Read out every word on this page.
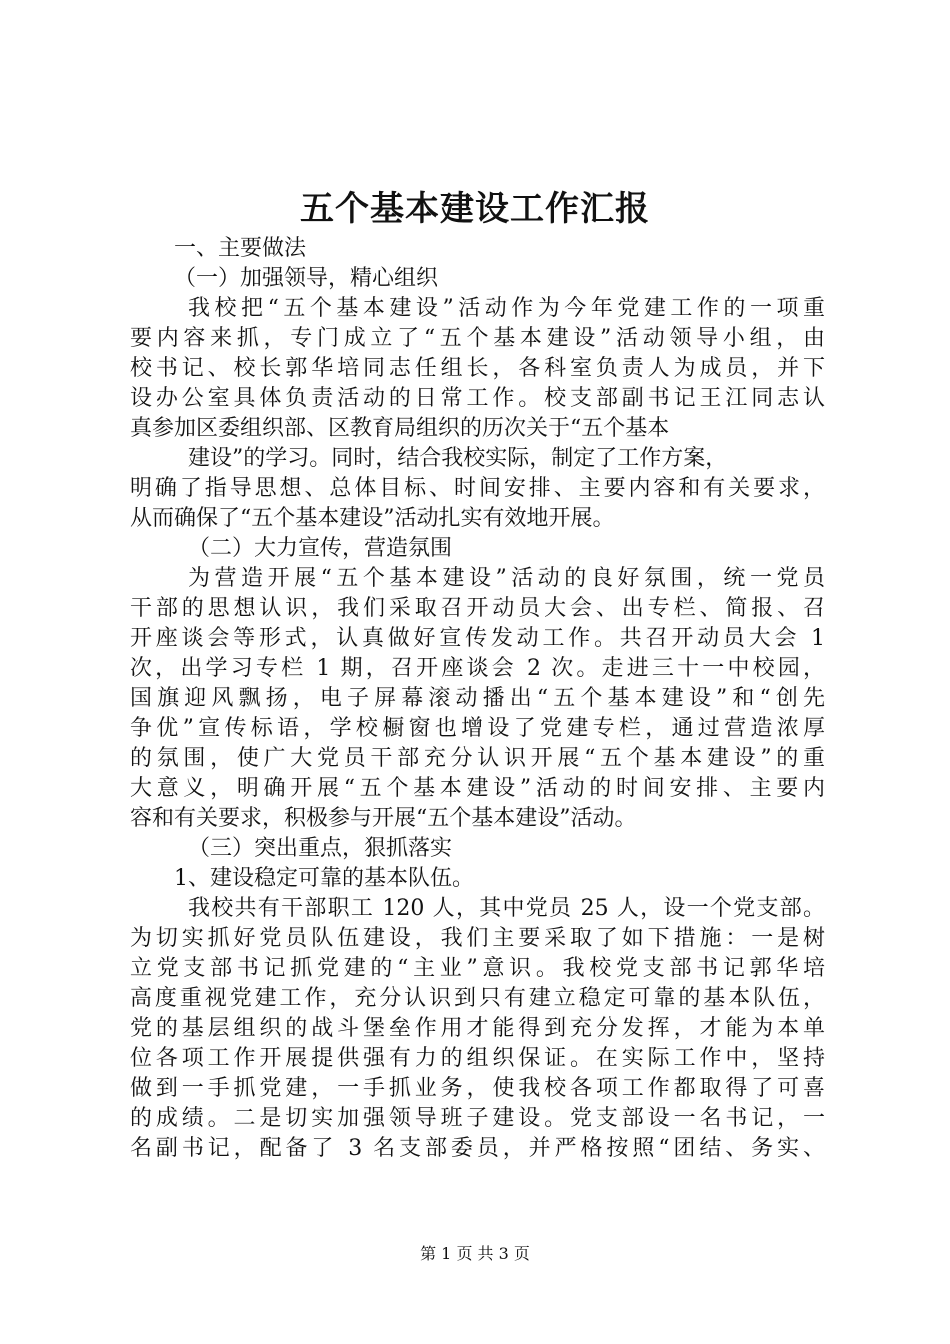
五个基本建设工作汇报

一、主要做法

（一）加强领导，精心组织

我校把“五个基本建设”活动作为今年党建工作的一项重

要内容来抓，专门成立了“五个基本建设”活动领导小组，由

校书记、校长郭华培同志任组长，各科室负责人为成员，并下

设办公室具体负责活动的日常工作。校支部副书记王江同志认

真参加区委组织部、区教育局组织的历次关于“五个基本

建设”的学习。同时，结合我校实际，制定了工作方案，

明确了指导思想、总体目标、时间安排、主要内容和有关要求，

从而确保了“五个基本建设”活动扎实有效地开展。

（二）大力宣传，营造氛围

为营造开展“五个基本建设”活动的良好氛围，统一党员

干部的思想认识，我们采取召开动员大会、出专栏、简报、召

开座谈会等形式，认真做好宣传发动工作。共召开动员大会 1

次，出学习专栏 1 期，召开座谈会 2 次。走进三十一中校园，

国旗迎风飘扬，电子屏幕滚动播出“五个基本建设”和“创先

争优”宣传标语，学校橱窗也增设了党建专栏，通过营造浓厚

的氛围，使广大党员干部充分认识开展“五个基本建设”的重

大意义，明确开展“五个基本建设”活动的时间安排、主要内

容和有关要求，积极参与开展“五个基本建设”活动。

（三）突出重点，狠抓落实

1、建设稳定可靠的基本队伍。

我校共有干部职工 120 人，其中党员 25 人，设一个党支部。

为切实抓好党员队伍建设，我们主要采取了如下措施：一是树

立党支部书记抓党建的“主业”意识。我校党支部书记郭华培

高度重视党建工作，充分认识到只有建立稳定可靠的基本队伍，

党的基层组织的战斗堡垒作用才能得到充分发挥，才能为本单

位各项工作开展提供强有力的组织保证。在实际工作中，坚持

做到一手抓党建，一手抓业务，使我校各项工作都取得了可喜

的成绩。二是切实加强领导班子建设。党支部设一名书记，一

名副书记，配备了 3 名支部委员，并严格按照“团结、务实、

第 1 页 共 3 页
